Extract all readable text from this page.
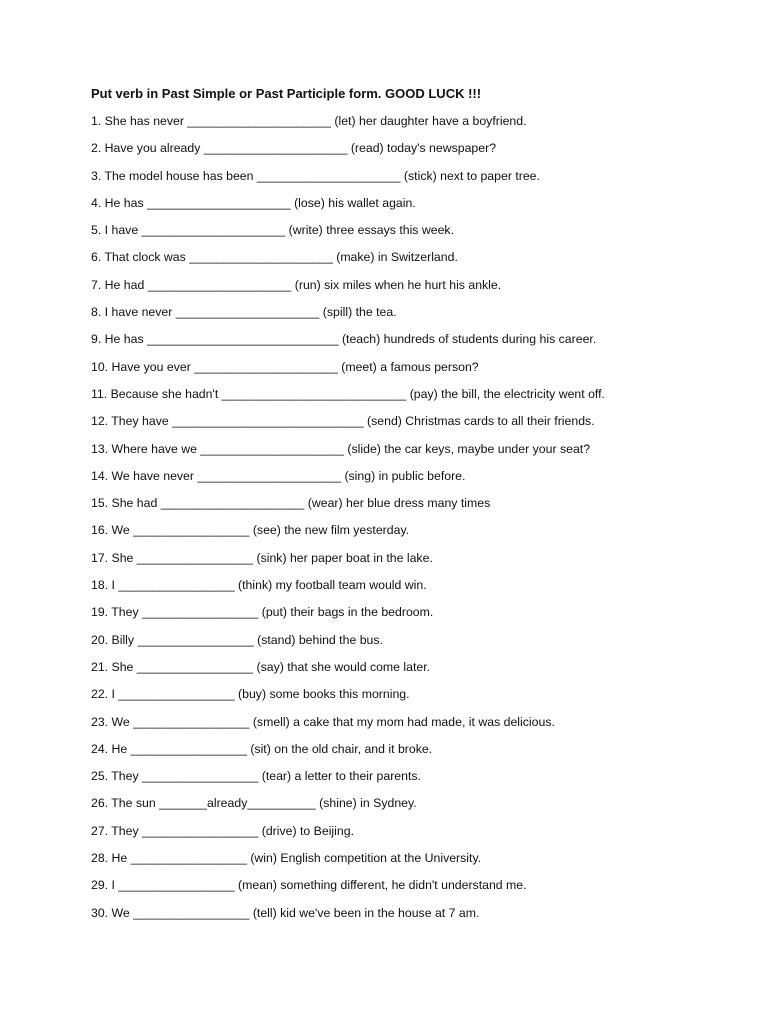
Put verb in Past Simple or Past Participle form. GOOD LUCK !!!
1. She has never _____________________ (let) her daughter have a boyfriend.
2. Have you already _____________________ (read) today's newspaper?
3. The model house has been _____________________ (stick) next to paper tree.
4. He has _____________________ (lose) his wallet again.
5. I have _____________________ (write) three essays this week.
6. That clock was _____________________ (make) in Switzerland.
7. He had _____________________ (run) six miles when he hurt his ankle.
8. I have never _____________________ (spill) the tea.
9. He has ____________________________ (teach) hundreds of students during his career.
10. Have you ever _____________________ (meet) a famous person?
11. Because she hadn't ___________________________ (pay) the bill, the electricity went off.
12. They have ____________________________ (send) Christmas cards to all their friends.
13. Where have we _____________________ (slide) the car keys, maybe under your seat?
14. We have never _____________________ (sing) in public before.
15. She had _____________________ (wear) her blue dress many times
16. We _________________ (see) the new film yesterday.
17. She _________________ (sink) her paper boat in the lake.
18. I _________________ (think) my football team would win.
19. They _________________ (put) their bags in the bedroom.
20. Billy _________________ (stand) behind the bus.
21. She _________________ (say) that she would come later.
22. I _________________ (buy) some books this morning.
23. We _________________ (smell) a cake that my mom had made, it was delicious.
24. He _________________ (sit) on the old chair, and it broke.
25. They _________________ (tear) a letter to their parents.
26. The sun _______already__________ (shine) in Sydney.
27. They _________________ (drive) to Beijing.
28. He _________________ (win) English competition at the University.
29. I _________________ (mean) something different, he didn't understand me.
30. We _________________ (tell) kid we've been in the house at 7 am.
